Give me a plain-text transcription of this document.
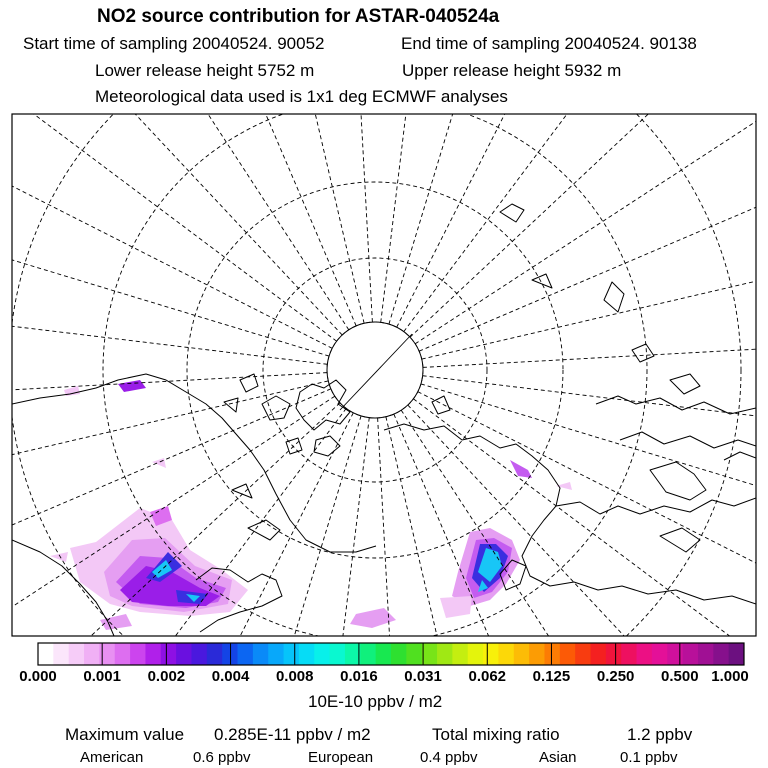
NO2 source contribution for ASTAR-040524a
Start time of sampling 20040524. 90052	End time of sampling 20040524. 90138
Lower release height 5752 m	Upper release height 5932 m
Meteorological data used is 1x1 deg ECMWF analyses
0.000 0.001 0.002 0.004 0.008 0.016 0.031 0.062 0.125 0.250 0.500 1.000
10E-10 ppbv / m2
Maximum value 0.285E-11 ppbv / m2	Total mixing ratio	1.2 ppbv
American	0.6 ppbv	European	0.4 ppbv	Asian	0.1 ppbv
